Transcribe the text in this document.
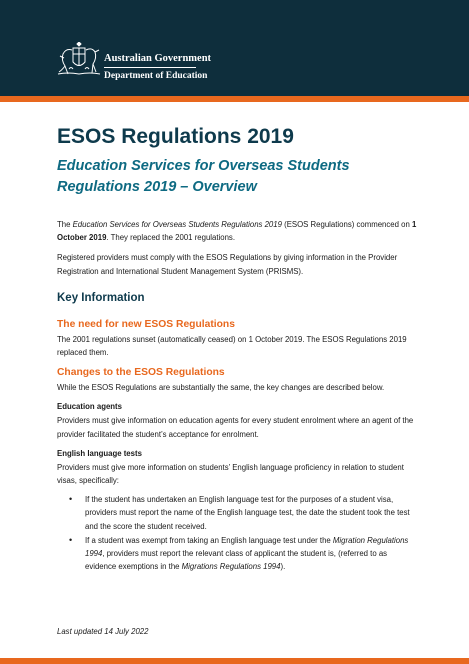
Australian Government
Department of Education
ESOS Regulations 2019
Education Services for Overseas Students Regulations 2019 – Overview

The Education Services for Overseas Students Regulations 2019 (ESOS Regulations) commenced on 1 October 2019. They replaced the 2001 regulations.

Registered providers must comply with the ESOS Regulations by giving information in the Provider Registration and International Student Management System (PRISMS).

Key Information
The need for new ESOS Regulations

The 2001 regulations sunset (automatically ceased) on 1 October 2019. The ESOS Regulations 2019 replaced them.

Changes to the ESOS Regulations

While the ESOS Regulations are substantially the same, the key changes are described below.

Education agents

Providers must give information on education agents for every student enrolment where an agent of the provider facilitated the student’s acceptance for enrolment.

English language tests

Providers must give more information on students’ English language proficiency in relation to student visas, specifically:

• If the student has undertaken an English language test for the purposes of a student visa, providers must report the name of the English language test, the date the student took the test and the score the student received.
• If a student was exempt from taking an English language test under the Migration Regulations 1994, providers must report the relevant class of applicant the student is, (referred to as evidence exemptions in the Migrations Regulations 1994).
Last updated 14 July 2022
